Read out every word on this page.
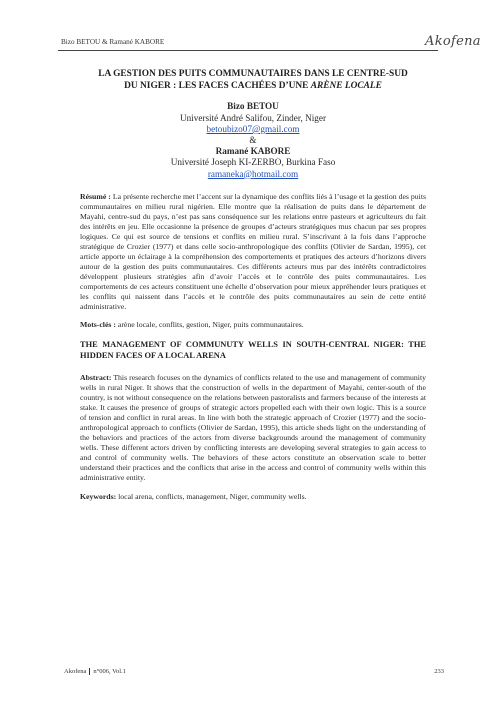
Bizo BETOU & Ramané KABORE	Akofena
LA GESTION DES PUITS COMMUNAUTAIRES DANS LE CENTRE-SUD
DU NIGER : LES FACES CACHÉES D’UNE ARÈNE LOCALE
Bizo BETOU
Université André Salifou, Zinder, Niger
betoubizo07@gmail.com
&
Ramané KABORE
Université Joseph KI-ZERBO, Burkina Faso
ramaneka@hotmail.com

Résumé : La présente recherche met l’accent sur la dynamique des conflits liés à l’usage et la gestion des puits communautaires en milieu rural nigérien. Elle montre que la réalisation de puits dans le département de Mayahi, centre-sud du pays, n’est pas sans conséquence sur les relations entre pasteurs et agriculteurs du fait des intérêts en jeu. Elle occasionne la présence de groupes d’acteurs stratégiques mus chacun par ses propres logiques. Ce qui est source de tensions et conflits en milieu rural. S’inscrivant à la fois dans l’approche stratégique de Crozier (1977) et dans celle socio-anthropologique des conflits (Olivier de Sardan, 1995), cet article apporte un éclairage à la compréhension des comportements et pratiques des acteurs d’horizons divers autour de la gestion des puits communautaires. Ces différents acteurs mus par des intérêts contradictoires développent plusieurs stratégies afin d’avoir l’accès et le contrôle des puits communautaires. Les comportements de ces acteurs constituent une échelle d’observation pour mieux appréhender leurs pratiques et les conflits qui naissent dans l’accès et le contrôle des puits communautaires au sein de cette entité administrative.

Mots-clés : arène locale, conflits, gestion, Niger, puits communautaires.
THE MANAGEMENT OF COMMUNUTY WELLS IN SOUTH-CENTRAL NIGER: THE HIDDEN FACES OF A LOCAL ARENA

Abstract: This research focuses on the dynamics of conflicts related to the use and management of community wells in rural Niger. It shows that the construction of wells in the department of Mayahi, center-south of the country, is not without consequence on the relations between pastoralists and farmers because of the interests at stake. It causes the presence of groups of strategic actors propelled each with their own logic. This is a source of tension and conflict in rural areas. In line with both the strategic approach of Crozier (1977) and the socio-anthropological approach to conflicts (Olivier de Sardan, 1995), this article sheds light on the understanding of the behaviors and practices of the actors from diverse backgrounds around the management of community wells. These different actors driven by conflicting interests are developing several strategies to gain access to and control of community wells. The behaviors of these actors constitute an observation scale to better understand their practices and the conflicts that arise in the access and control of community wells within this administrative entity.

Keywords: local arena, conflicts, management, Niger, community wells.
Akofena n°006, Vol.1	233
